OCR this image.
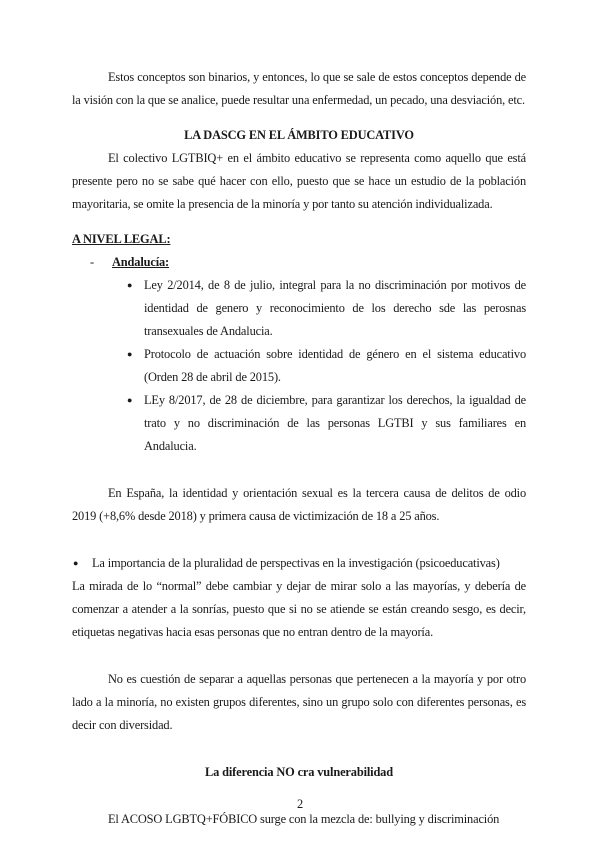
Estos conceptos son binarios, y entonces, lo que se sale de estos conceptos depende de la visión con la que se analice, puede resultar una enfermedad, un pecado, una desviación, etc.

LA DASCG EN EL ÁMBITO EDUCATIVO

El colectivo LGTBIQ+ en el ámbito educativo se representa como aquello que está presente pero no se sabe qué hacer con ello, puesto que se hace un estudio de la población mayoritaria, se omite la presencia de la minoría y por tanto su atención individualizada.

A NIVEL LEGAL:
- Andalucía:
● Ley 2/2014, de 8 de julio, integral para la no discriminación por motivos de identidad de genero y reconocimiento de los derecho sde las perosnas transexuales de Andalucia.
● Protocolo de actuación sobre identidad de género en el sistema educativo (Orden 28 de abril de 2015).
● LEy 8/2017, de 28 de diciembre, para garantizar los derechos, la igualdad de trato y no discriminación de las personas LGTBI y sus familiares en Andalucia.

En España, la identidad y orientación sexual es la tercera causa de delitos de odio 2019 (+8,6% desde 2018) y primera causa de victimización de 18 a 25 años.

● La importancia de la pluralidad de perspectivas en la investigación (psicoeducativas)

La mirada de lo “normal” debe cambiar y dejar de mirar solo a las mayorías, y debería de comenzar a atender a la sonrías, puesto que si no se atiende se están creando sesgo, es decir, etiquetas negativas hacia esas personas que no entran dentro de la mayoría.

No es cuestión de separar a aquellas personas que pertenecen a la mayoría y por otro lado a la minoría, no existen grupos diferentes, sino un grupo solo con diferentes personas, es decir con diversidad.

La diferencia NO cra vulnerabilidad

El ACOSO LGBTQ+FÓBICO surge con la mezcla de: bullying y discriminación

2
